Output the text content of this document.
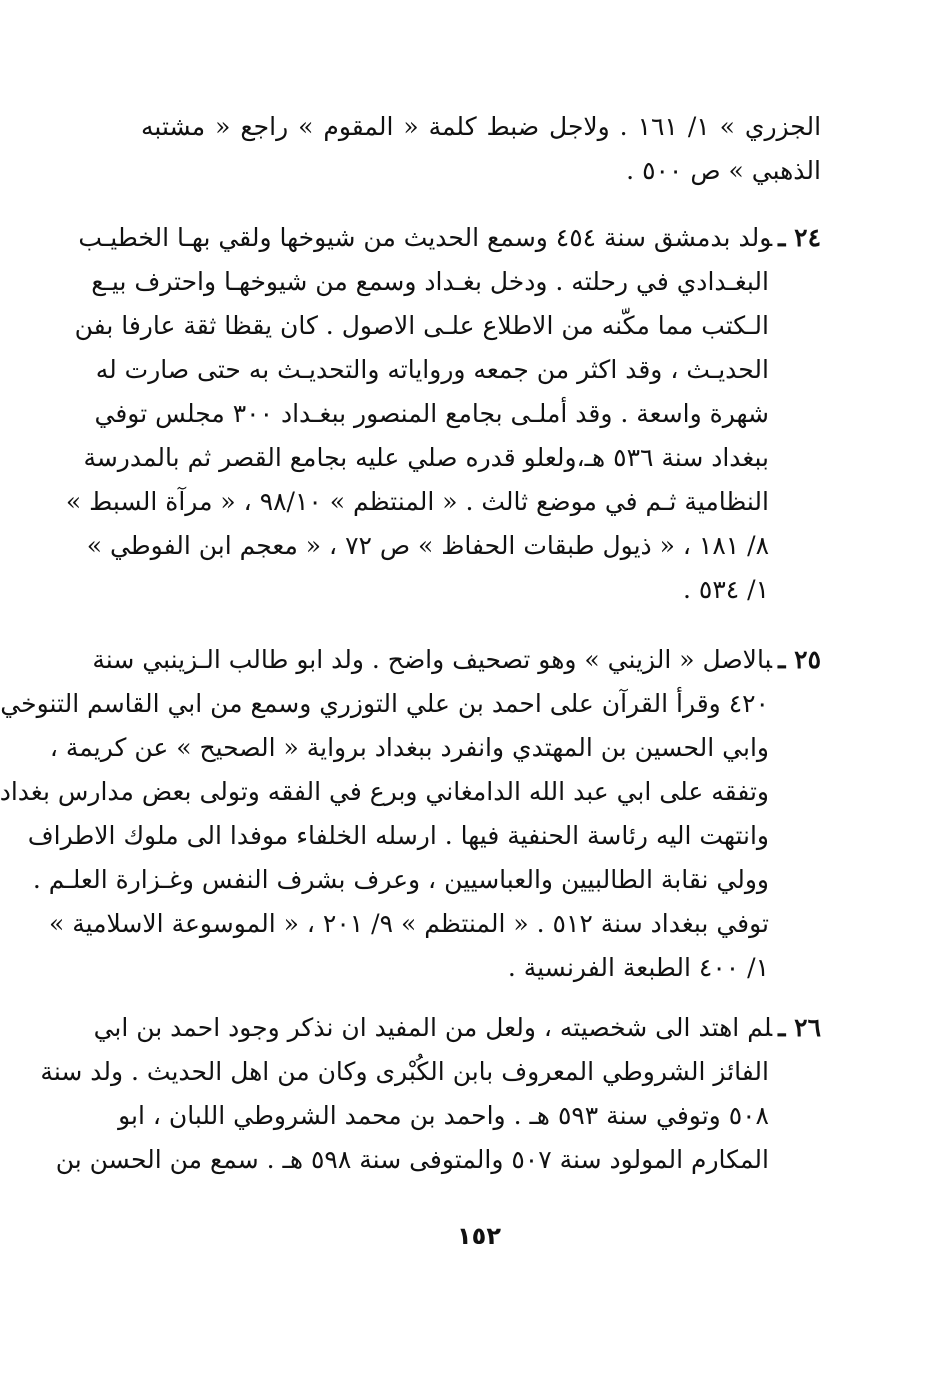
الجزري » ١/ ١٦١ . ولاجل ضبط كلمة « المقوم » راجع « مشتبه
الذهبي » ص ٥٠٠ .
٢٤ ـولد بدمشق سنة ٤٥٤ وسمع الحديث من شيوخها ولقي بهـا الخطيـب
البغـدادي في رحلته . ودخل بغـداد وسمع من شيوخهـا واحترف بيـع
الـكتب مما مكّنه من الاطلاع علـى الاصول . كان يقظا ثقة عارفا بفن
الحديـث ، وقد اكثر من جمعه ورواياته والتحديـث به حتى صارت له
شهرة واسعة . وقد أملـى بجامع المنصور ببغـداد ٣٠٠ مجلس توفي
ببغداد سنة ٥٣٦ هـ،ولعلو قدره صلي عليه بجامع القصر ثم بالمدرسة
النظامية ثـم في موضع ثالث . « المنتظم » ٩٨/١٠ ، « مرآة السبط »
٨/ ١٨١ ، « ذيول طبقات الحفاظ » ص ٧٢ ، « معجم ابن الفوطي »
١/ ٥٣٤ .
٢٥ ـبالاصل « الزيني » وهو تصحيف واضح . ولد ابو طالب الـزينبي سنة
٤٢٠ وقرأ القرآن على احمد بن علي التوزري وسمع من ابي القاسم التنوخي
وابي الحسين بن المهتدي وانفرد ببغداد برواية « الصحيح » عن كريمة ،
وتفقه على ابي عبد الله الدامغاني وبرع في الفقه وتولى بعض مدارس بغداد
وانتهت اليه رئاسة الحنفية فيها . ارسله الخلفاء موفدا الى ملوك الاطراف
وولي نقابة الطالبيين والعباسيين ، وعرف بشرف النفس وغـزارة العلـم .
توفي ببغداد سنة ٥١٢ . « المنتظم » ٩/ ٢٠١ ، « الموسوعة الاسلامية »
١/ ٤٠٠ الطبعة الفرنسية .
٢٦ ـلم اهتد الى شخصيته ، ولعل من المفيد ان نذكر وجود احمد بن ابي
الفائز الشروطي المعروف بابن الكُبْرى وكان من اهل الحديث . ولد سنة
٥٠٨ وتوفي سنة ٥٩٣ هـ . واحمد بن محمد الشروطي اللبان ، ابو
المكارم المولود سنة ٥٠٧ والمتوفى سنة ٥٩٨ هـ . سمع من الحسن بن
١٥٢
